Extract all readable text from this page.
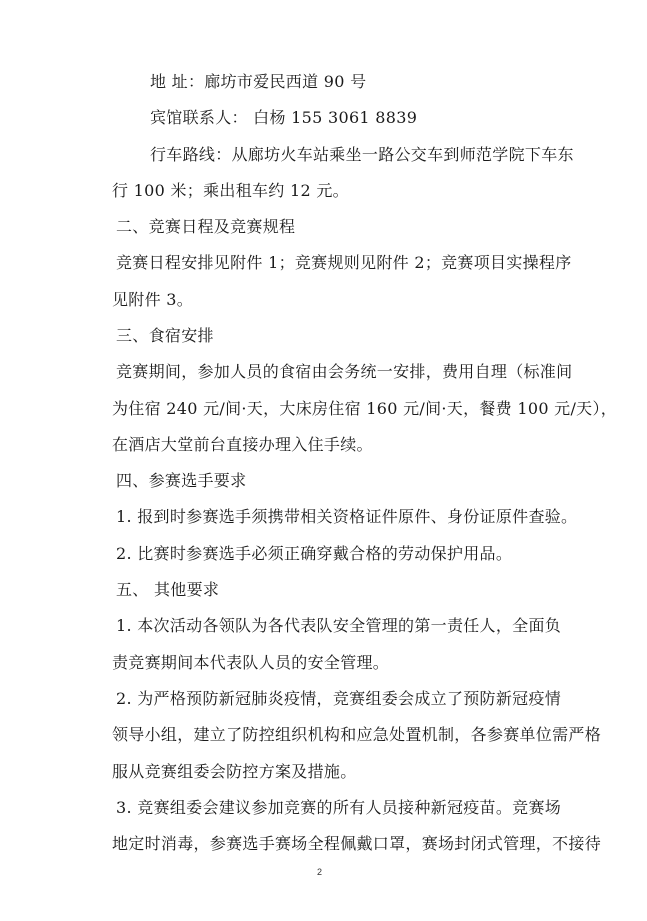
地 址：廊坊市爱民西道 90 号
宾馆联系人： 白杨 155 3061 8839
行车路线：从廊坊火车站乘坐一路公交车到师范学院下车东
行 100 米；乘出租车约 12 元。
二、竞赛日程及竞赛规程
竞赛日程安排见附件 1；竞赛规则见附件 2；竞赛项目实操程序
见附件 3。
三、食宿安排
竞赛期间，参加人员的食宿由会务统一安排，费用自理（标准间
为住宿 240 元/间·天，大床房住宿 160 元/间·天，餐费 100 元/天），
在酒店大堂前台直接办理入住手续。
四、参赛选手要求
1. 报到时参赛选手须携带相关资格证件原件、身份证原件查验。
2. 比赛时参赛选手必须正确穿戴合格的劳动保护用品。
五、 其他要求
1. 本次活动各领队为各代表队安全管理的第一责任人，全面负
责竞赛期间本代表队人员的安全管理。
2. 为严格预防新冠肺炎疫情，竞赛组委会成立了预防新冠疫情
领导小组，建立了防控组织机构和应急处置机制，各参赛单位需严格
服从竞赛组委会防控方案及措施。
3. 竞赛组委会建议参加竞赛的所有人员接种新冠疫苗。竞赛场
地定时消毒，参赛选手赛场全程佩戴口罩，赛场封闭式管理，不接待
2
